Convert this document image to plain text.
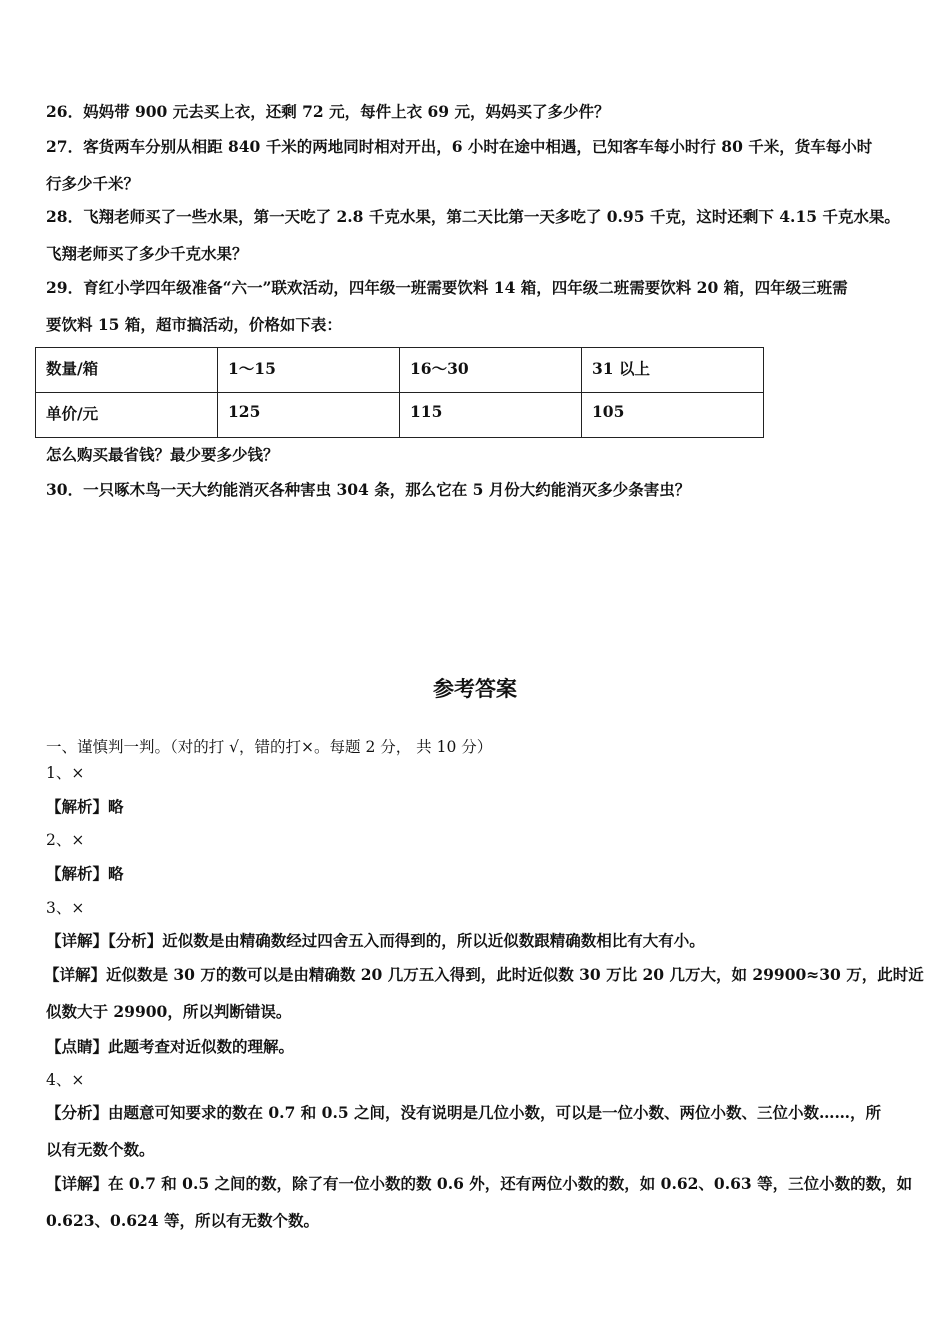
26．妈妈带 900 元去买上衣，还剩 72 元，每件上衣 69 元，妈妈买了多少件？
27．客货两车分别从相距 840 千米的两地同时相对开出，6 小时在途中相遇，已知客车每小时行 80 千米，货车每小时
行多少千米？
28．飞翔老师买了一些水果，第一天吃了 2.8 千克水果，第二天比第一天多吃了 0.95 千克，这时还剩下 4.15 千克水果。
飞翔老师买了多少千克水果？
29．育红小学四年级准备“六一”联欢活动，四年级一班需要饮料 14 箱，四年级二班需要饮料 20 箱，四年级三班需
要饮料 15 箱，超市搞活动，价格如下表：
数量/箱	1～15	16～30	31 以上
单价/元	125	115	105
怎么购买最省钱？最少要多少钱？
30．一只啄木鸟一天大约能消灭各种害虫 304 条，那么它在 5 月份大约能消灭多少条害虫？
参考答案
一、谨慎判一判。（对的打 √，错的打×。每题 2 分， 共 10 分）
1、×
【解析】略
2、×
【解析】略
3、×
【详解】【分析】近似数是由精确数经过四舍五入而得到的，所以近似数跟精确数相比有大有小。
【详解】近似数是 30 万的数可以是由精确数 20 几万五入得到，此时近似数 30 万比 20 几万大，如 29900≈30 万，此时近
似数大于 29900，所以判断错误。
【点睛】此题考查对近似数的理解。
4、×
【分析】由题意可知要求的数在 0.7 和 0.5 之间，没有说明是几位小数，可以是一位小数、两位小数、三位小数……，所
以有无数个数。
【详解】在 0.7 和 0.5 之间的数，除了有一位小数的数 0.6 外，还有两位小数的数，如 0.62、0.63 等，三位小数的数，如
0.623、0.624 等，所以有无数个数。
